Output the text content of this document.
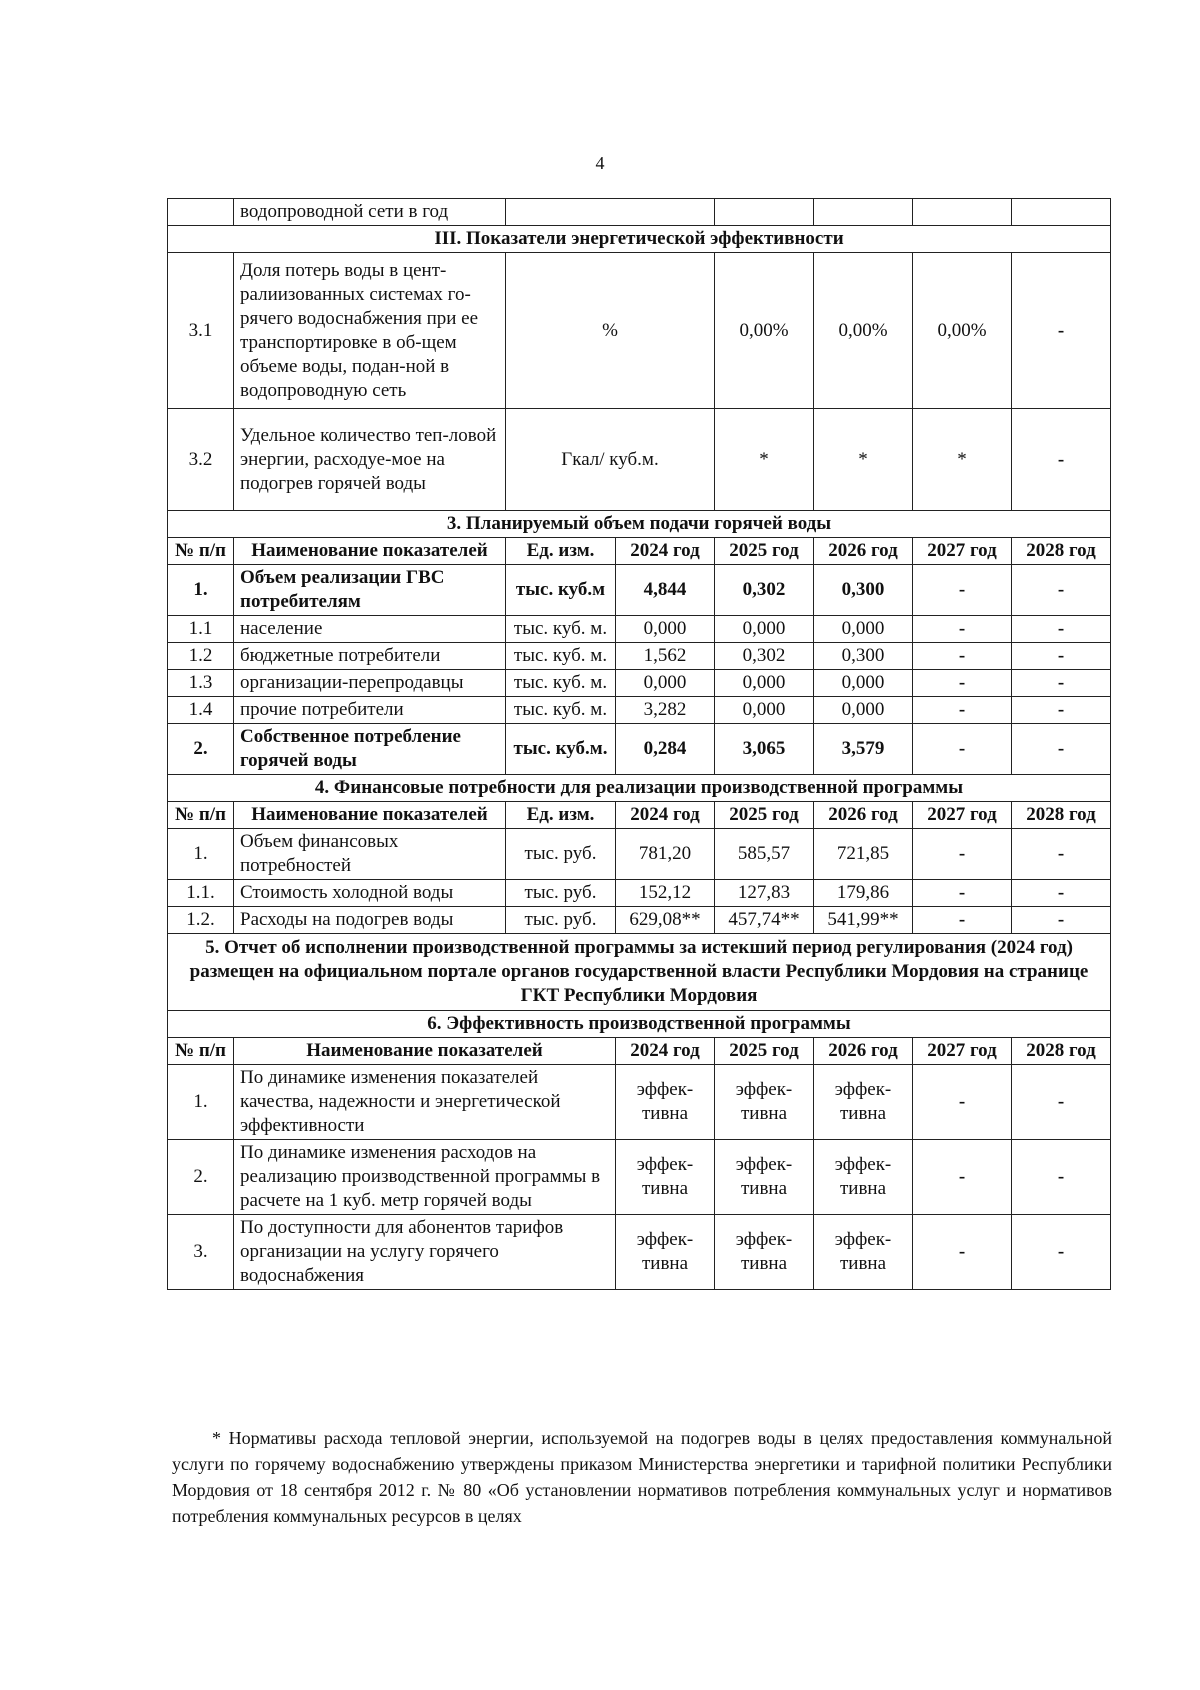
4
	водопроводной сети в год						
III. Показатели энергетической эффективности							
3.1	Доля потерь воды в цент-ралиизованных системах го-рячего водоснабжения при ее транспортировке в об-щем объеме воды, подан-ной в водопроводную сеть	%		0,00%	0,00%	0,00%	-
3.2	Удельное количество теп-ловой энергии, расходуе-мое на подогрев горячей воды	Гкал/ куб.м.		*	*	*	-
3. Планируемый объем подачи горячей воды							
№ п/п	Наименование показателей	Ед. изм.	2024 год	2025 год	2026 год	2027 год	2028 год
1.	Объем реализации ГВС потребителям	тыс. куб.м	4,844	0,302	0,300	-	-
1.1	население	тыс. куб. м.	0,000	0,000	0,000	-	-
1.2	бюджетные потребители	тыс. куб. м.	1,562	0,302	0,300	-	-
1.3	организации-перепродавцы	тыс. куб. м.	0,000	0,000	0,000	-	-
1.4	прочие потребители	тыс. куб. м.	3,282	0,000	0,000	-	-
2.	Собственное потребление горячей воды	тыс. куб.м.	0,284	3,065	3,579	-	-
4. Финансовые потребности для реализации производственной программы							
№ п/п	Наименование показателей	Ед. изм.	2024 год	2025 год	2026 год	2027 год	2028 год
1.	Объем финансовых потребностей	тыс. руб.	781,20	585,57	721,85	-	-
1.1.	Стоимость холодной воды	тыс. руб.	152,12	127,83	179,86	-	-
1.2.	Расходы на подогрев воды	тыс. руб.	629,08**	457,74**	541,99**	-	-
5. Отчет об исполнении производственной программы за истекший период регулирования (2024 год) размещен на официальном портале органов государственной власти Республики Мордовия на странице ГКТ Республики Мордовия							
6. Эффективность производственной программы							
№ п/п	Наименование показателей		2024 год	2025 год	2026 год	2027 год	2028 год
1.	По динамике изменения показателей качества, надежности и энергетической эффективности		эффек-тивна	эффек-тивна	эффек-тивна	-	-
2.	По динамике изменения расходов на реализацию производственной программы в расчете на 1 куб. метр горячей воды		эффек-тивна	эффек-тивна	эффек-тивна	-	-
3.	По доступности для абонентов тарифов организации на услугу горячего водоснабжения		эффек-тивна	эффек-тивна	эффек-тивна	-	-
* Нормативы расхода тепловой энергии, используемой на подогрев воды в целях предоставления коммунальной услуги по горячему водоснабжению утверждены приказом Министерства энергетики и тарифной политики Республики Мордовия от 18 сентября 2012 г. № 80 «Об установлении нормативов потребления коммунальных услуг и нормативов потребления коммунальных ресурсов в целях
